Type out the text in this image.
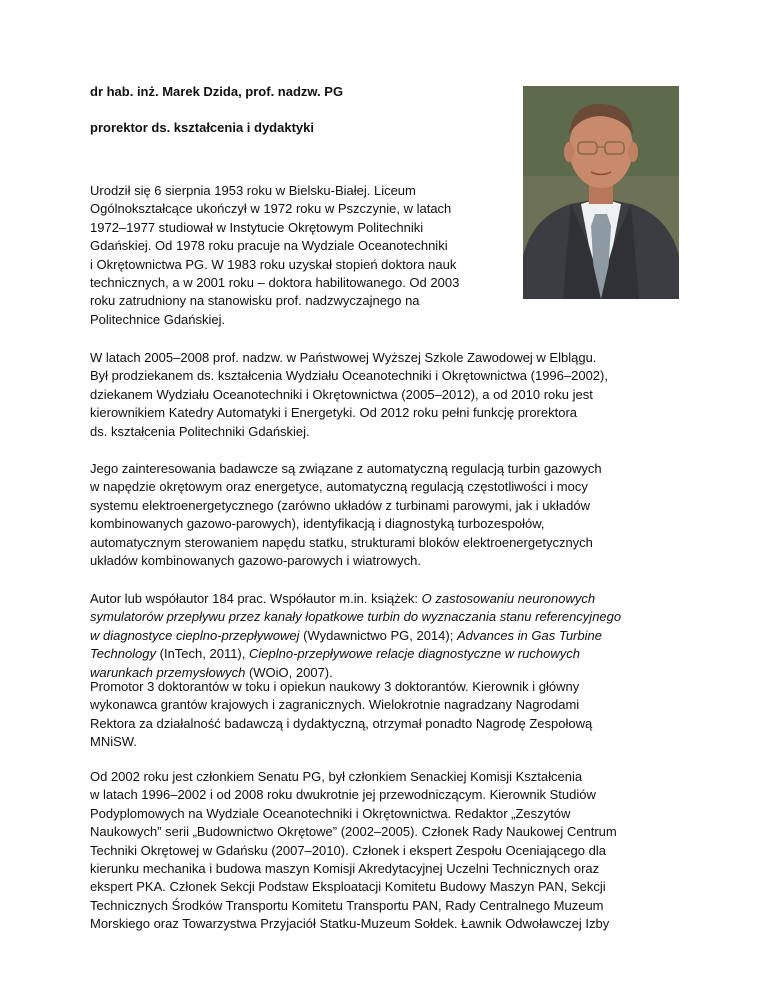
dr hab. inż. Marek Dzida, prof. nadzw. PG
prorektor ds. kształcenia i dydaktyki

Urodził się 6 sierpnia 1953 roku w Bielsku-Białej. Liceum
Ogólnokształcące ukończył w 1972 roku w Pszczynie, w latach
1972–1977 studiował w Instytucie Okrętowym Politechniki
Gdańskiej. Od 1978 roku pracuje na Wydziale Oceanotechniki
i Okrętownictwa PG. W 1983 roku uzyskał stopień doktora nauk
technicznych, a w 2001 roku – doktora habilitowanego. Od 2003
roku zatrudniony na stanowisku prof. nadzwyczajnego na
Politechnice Gdańskiej.

W latach 2005–2008 prof. nadzw. w Państwowej Wyższej Szkole Zawodowej w Elblągu.
Był prodziekanem ds. kształcenia Wydziału Oceanotechniki i Okrętownictwa (1996–2002),
dziekanem Wydziału Oceanotechniki i Okrętownictwa (2005–2012), a od 2010 roku jest
kierownikiem Katedry Automatyki i Energetyki. Od 2012 roku pełni funkcję prorektora
ds. kształcenia Politechniki Gdańskiej.

Jego zainteresowania badawcze są związane z automatyczną regulacją turbin gazowych
w napędzie okrętowym oraz energetyce, automatyczną regulacją częstotliwości i mocy
systemu elektroenergetycznego (zarówno układów z turbinami parowymi, jak i układów
kombinowanych gazowo-parowych), identyfikacją i diagnostyką turbozespołów,
automatycznym sterowaniem napędu statku, strukturami bloków elektroenergetycznych
układów kombinowanych gazowo-parowych i wiatrowych.

Autor lub współautor 184 prac. Współautor m.in. książek: O zastosowaniu neuronowych
symulatorów przepływu przez kanały łopatkowe turbin do wyznaczania stanu referencyjnego
w diagnostyce cieplno-przepływowej (Wydawnictwo PG, 2014); Advances in Gas Turbine
Technology (InTech, 2011), Cieplno-przepływowe relacje diagnostyczne w ruchowych
warunkach przemysłowych (WOiO, 2007).

Promotor 3 doktorantów w toku i opiekun naukowy 3 doktorantów. Kierownik i główny
wykonawca grantów krajowych i zagranicznych. Wielokrotnie nagradzany Nagrodami
Rektora za działalność badawczą i dydaktyczną, otrzymał ponadto Nagrodę Zespołową
MNiSW.

Od 2002 roku jest członkiem Senatu PG, był członkiem Senackiej Komisji Kształcenia
w latach 1996–2002 i od 2008 roku dwukrotnie jej przewodniczącym. Kierownik Studiów
Podyplomowych na Wydziale Oceanotechniki i Okrętownictwa. Redaktor „Zeszytów
Naukowych” serii „Budownictwo Okrętowe” (2002–2005). Członek Rady Naukowej Centrum
Techniki Okrętowej w Gdańsku (2007–2010). Członek i ekspert Zespołu Oceniającego dla
kierunku mechanika i budowa maszyn Komisji Akredytacyjnej Uczelni Technicznych oraz
ekspert PKA. Członek Sekcji Podstaw Eksploatacji Komitetu Budowy Maszyn PAN, Sekcji
Technicznych Środków Transportu Komitetu Transportu PAN, Rady Centralnego Muzeum
Morskiego oraz Towarzystwa Przyjaciół Statku-Muzeum Sołdek. Ławnik Odwoławczej Izby
